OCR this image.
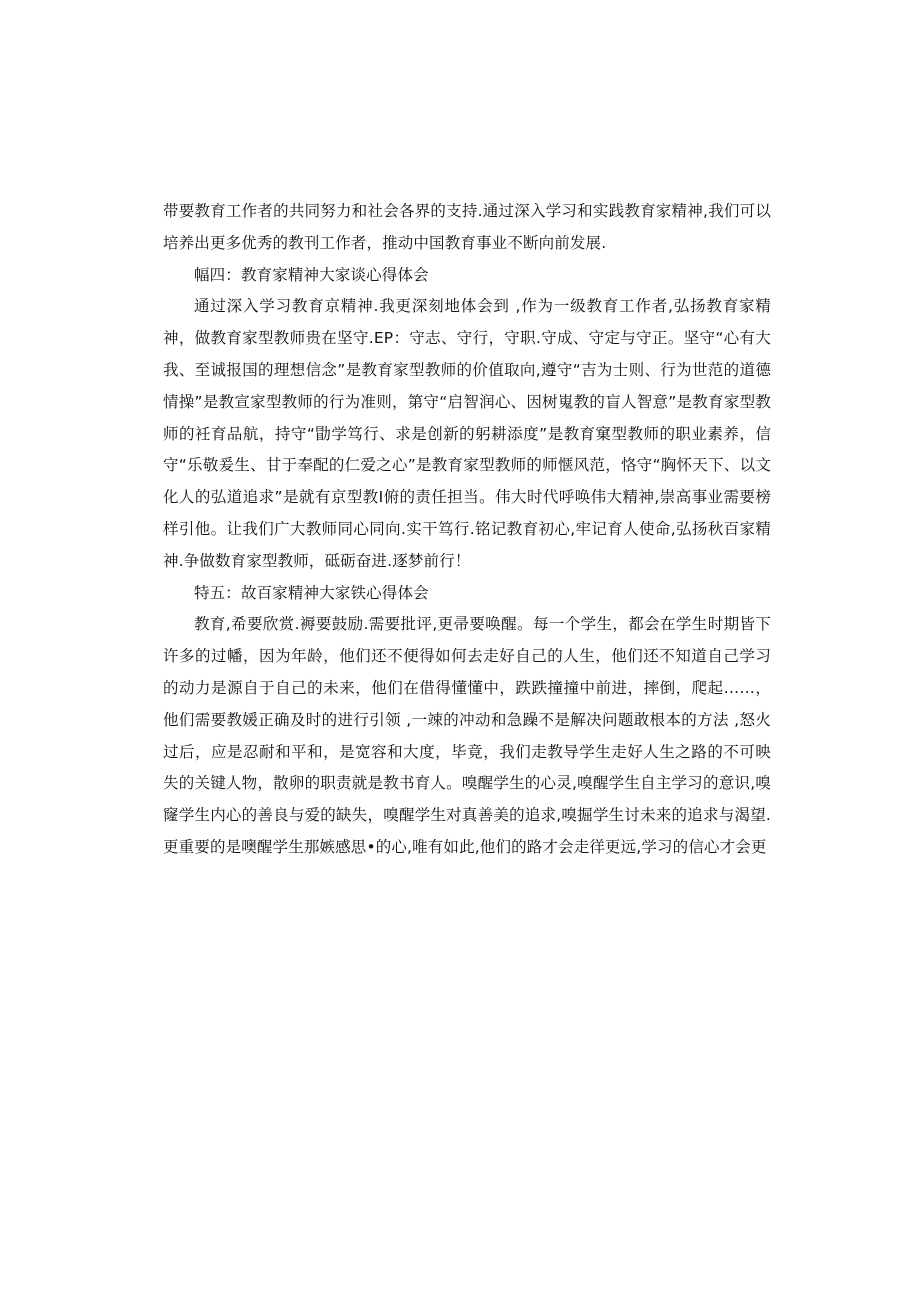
带要教育工作者的共同努力和社会各界的支持.通过深入学习和实践教育家精神,我们可以培养出更多优秀的教刊工作者，推动中国教育事业不断向前发展.

幅四：教育家精神大家谈心得体会

通过深入学习教育京精神.我更深刻地体会到 ,作为一级教育工作者,弘扬教育家精神，做教育家型教师贵在坚守.EP：守志、守行，守职.守成、守定与守正。坚守“心有大我、至诚报国的理想信念”是教育家型教师的价值取向,遵守“吉为士则、行为世范的道德情操”是教宣家型教师的行为准则，第守“启智润心、因树嵬教的盲人智意”是教育家型教师的衽育品航，持守“勖学笃行、求是创新的躬耕添度”是教育窠型教师的职业素养，信守“乐敬爰生、甘于奉配的仁爱之心”是教育家型教师的师惬风范，恪守“胸怀天下、以文化人的弘道追求”是就有京型教I俯的责任担当。伟大时代呼唤伟大精神,崇高事业需要榜样引他。让我们广大教师同心同向.实干笃行.铭记教育初心,牢记育人使命,弘扬秋百家精神.争做数育家型教师，砥砺奋进.逐梦前行！

特五：故百家精神大家铁心得体会

教育,希要欣赏.褥要鼓励.需要批评,更帚要唤醒。每一个学生，都会在学生时期皆下许多的过幡，因为年龄，他们还不便得如何去走好自己的人生，他们还不知道自己学习的动力是源自于自己的未来，他们在借得懂懂中，跌跌撞撞中前进，摔倒，爬起……，他们需要教媛正确及时的进行引领 ,一竦的冲动和急躁不是解决问题敢根本的方法 ,怒火过后，应是忍耐和平和，是宽容和大度，毕竟，我们走教导学生走好人生之路的不可映失的关键人物，散卵的职责就是教书育人。嗅醒学生的心灵,嗅醒学生自主学习的意识,嗅窿学生内心的善良与爱的缺失，嗅醒学生对真善美的追求,嗅掘学生讨未来的追求与渴望.更重要的是噢醒学生那嫉感思•的心,唯有如此,他们的路才会走徉更远,学习的信心才会更
